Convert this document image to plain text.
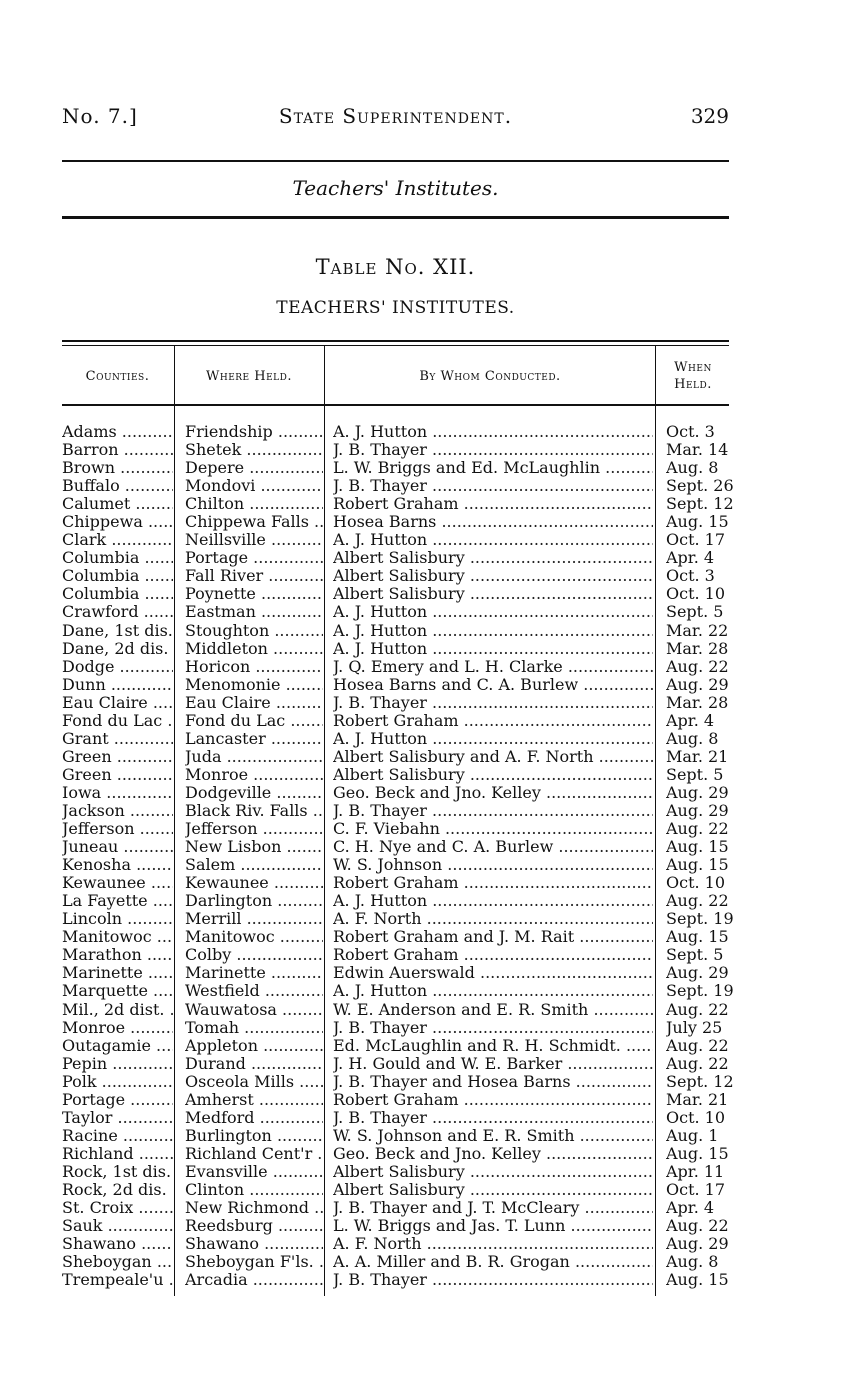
No. 7.]	State Superintendent.	329
Teachers' Institutes.
Table No. XII.
TEACHERS' INSTITUTES.
Counties.	Where Held.	By Whom Conducted.
When Held.
Adams .....	Friendship .....	A. J. Hutton .....	Oct. 3
Barron .....	Shetek .....	J. B. Thayer .....	Mar. 14
Brown .....	Depere .....	L. W. Briggs and Ed. McLaughlin .....	Aug. 8
Buffalo .....	Mondovi .....	J. B. Thayer .....	Sept. 26
Calumet .....	Chilton .....	Robert Graham .....	Sept. 12
Chippewa .....	Chippewa Falls .....	Hosea Barns .....	Aug. 15
Clark .....	Neillsville .....	A. J. Hutton .....	Oct. 17
Columbia .....	Portage .....	Albert Salisbury .....	Apr. 4
Columbia .....	Fall River .....	Albert Salisbury .....	Oct. 3
Columbia .....	Poynette .....	Albert Salisbury .....	Oct. 10
Crawford .....	Eastman .....	A. J. Hutton .....	Sept. 5
Dane, 1st dis. ..... Stoughton .....	A. J. Hutton .....	Mar. 22
Dane, 2d dis. ..... Middleton .....	A. J. Hutton .....	Mar. 28
Dodge .....	Horicon .....	J. Q. Emery and L. H. Clarke .....	Aug. 22
Dunn .....	Menomonie .....	Hosea Barns and C. A. Burlew .....	Aug. 29
Eau Claire .....	Eau Claire .....	J. B. Thayer .....	Mar. 28
Fond du Lac .....	Fond du Lac .....	Robert Graham .....	Apr. 4
Grant .....	Lancaster .....	A. J. Hutton .....	Aug. 8
Green .....	Juda .....	Albert Salisbury and A. F. North .....	Mar. 21
Green .....	Monroe .....	Albert Salisbury .....	Sept. 5
Iowa .....	Dodgeville .....	Geo. Beck and Jno. Kelley .....	Aug. 29
Jackson .....	Black Riv. Falls .....	J. B. Thayer .....	Aug. 29
Jefferson .....	Jefferson .....	C. F. Viebahn .....	Aug. 22
Juneau .....	New Lisbon .....	C. H. Nye and C. A. Burlew .....	Aug. 15
Kenosha .....	Salem .....	W. S. Johnson .....	Aug. 15
Kewaunee .....	Kewaunee .....	Robert Graham .....	Oct. 10
La Fayette .....	Darlington .....	A. J. Hutton .....	Aug. 22
Lincoln .....	Merrill .....	A. F. North .....	Sept. 19
Manitowoc .....	Manitowoc .....	Robert Graham and J. M. Rait .....	Aug. 15
Marathon .....	Colby .....	Robert Graham .....	Sept. 5
Marinette .....	Marinette .....	Edwin Auerswald .....	Aug. 29
Marquette .....	Westfield .....	A. J. Hutton .....	Sept. 19
Mil., 2d dist. .....	Wauwatosa .....	W. E. Anderson and E. R. Smith .....	Aug. 22
Monroe .....	Tomah .....	J. B. Thayer .....	July 25
Outagamie .....	Appleton .....	Ed. McLaughlin and R. H. Schmidt. .....	Aug. 22
Pepin .....	Durand .....	J. H. Gould and W. E. Barker .....	Aug. 22
Polk .....	Osceola Mills .....	J. B. Thayer and Hosea Barns .....	Sept. 12
Portage .....	Amherst .....	Robert Graham .....	Mar. 21
Taylor .....	Medford .....	J. B. Thayer .....	Oct. 10
Racine .....	Burlington .....	W. S. Johnson and E. R. Smith .....	Aug. 1
Richland .....	Richland Cent'r .....	Geo. Beck and Jno. Kelley .....	Aug. 15
Rock, 1st dis. ..... Evansville .....	Albert Salisbury .....	Apr. 11
Rock, 2d dis. .....	Clinton .....	Albert Salisbury .....	Oct. 17
St. Croix .....	New Richmond .....	J. B. Thayer and J. T. McCleary .....	Apr. 4
Sauk .....	Reedsburg .....	L. W. Briggs and Jas. T. Lunn .....	Aug. 22
Shawano .....	Shawano .....	A. F. North .....	Aug. 29
Sheboygan .....	Sheboygan F'ls. .....	A. A. Miller and B. R. Grogan .....	Aug. 8
Trempeale'u .....	Arcadia .....	J. B. Thayer .....	Aug. 15
